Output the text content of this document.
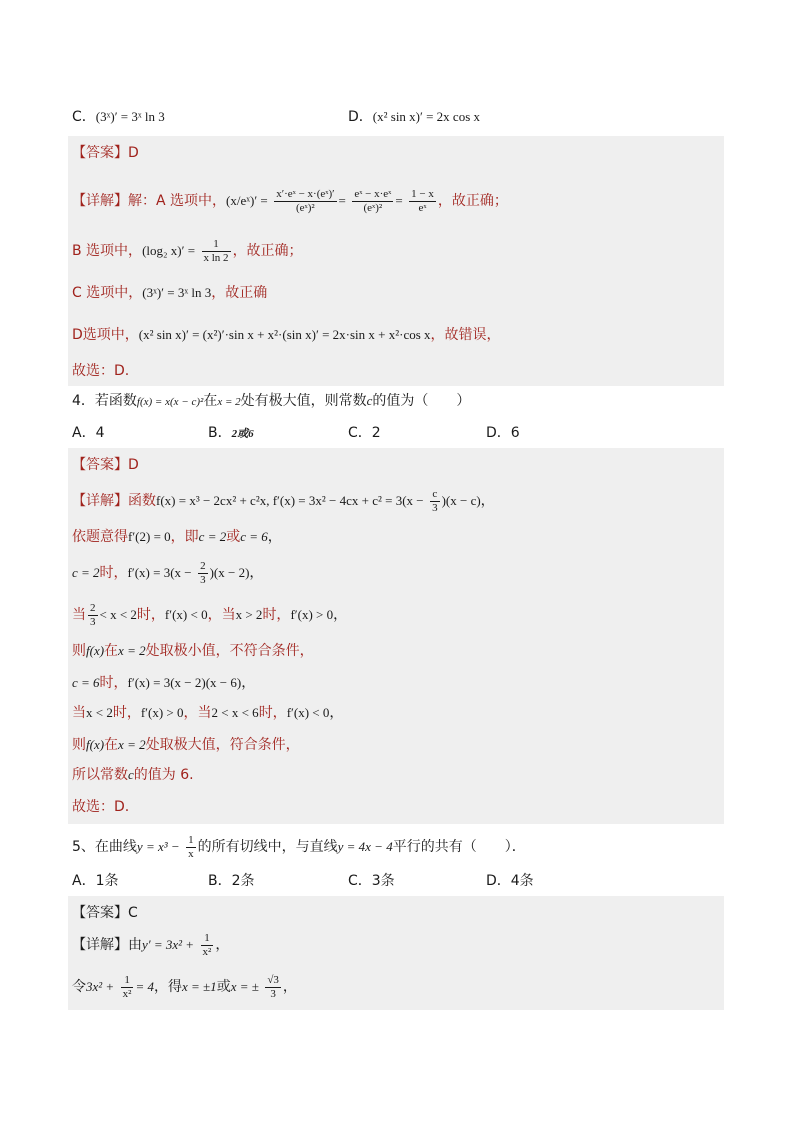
C．(3ˣ)′ = 3ˣ ln 3	D．(x² sin x)′ = 2x cos x
【答案】D
【详解】解：A 选项中，(x/eˣ)′ = $\frac{\text{x′·eˣ − x·(eˣ)′}}{\text{(eˣ)²}} = \frac{\text{eˣ − x·eˣ}}{\text{(eˣ)²}} = \frac{1 - x}{\text{eˣ}}$ ，故正确；
B 选项中，(log₂ $x)' = \frac{1}{\text{x ln 2}}$ ，故正确；
C 选项中，(3ˣ)′ = 3ˣ ln 3，故正确
D选项中，(x² sin x)′ = (x²)′·sin x + x²·(sin x)′ = 2x·sin x + x²·cos x，故错误，
故选：D.
4．若函数f(x) = x(x − c)²在x = 2处有极大值，则常数c的值为（　　）
A．4	B．2或6	C．2	D．6
【答案】D
【详解】函数f(x) = x³ − 2cx² + c²x, $f'(x) = 3x^2 - 4cx + c^2 = 3(x - \frac{c}{3} )(x - c)$，
依题意得f′(2) = 0，即c = 2或c = 6，
c = 2时，$f'(x) = 3(x - \frac{2}{3} )(x - 2)$，
当 $\frac{2}{3} < x < 2$时，f′(x) < 0，当x > 2时，f′(x) > 0，
则f(x)在x = 2处取极小值，不符合条件，
c = 6时，f′(x) = 3(x − 2)(x − 6)，
当x < 2时，f′(x) > 0，当2 < x < 6时，f′(x) < 0，
则f(x)在x = 2处取极大值，符合条件，
所以常数c的值为 6.
故选：D.
5、在曲线$y = x^3 - \frac{1}{x}$ 的所有切线中，与直线y = 4x − 4平行的共有（　　）．
A．1条	B．2条	C．3条	D．4条
【答案】C
【详解】由$y' = 3x^2 + \frac{1}{\text{x²}}$ ，
令$3x^2 + \frac{1}{\text{x²}} = 4$，得x = ±1或x = ± $\frac{√3}{3}$ ，
